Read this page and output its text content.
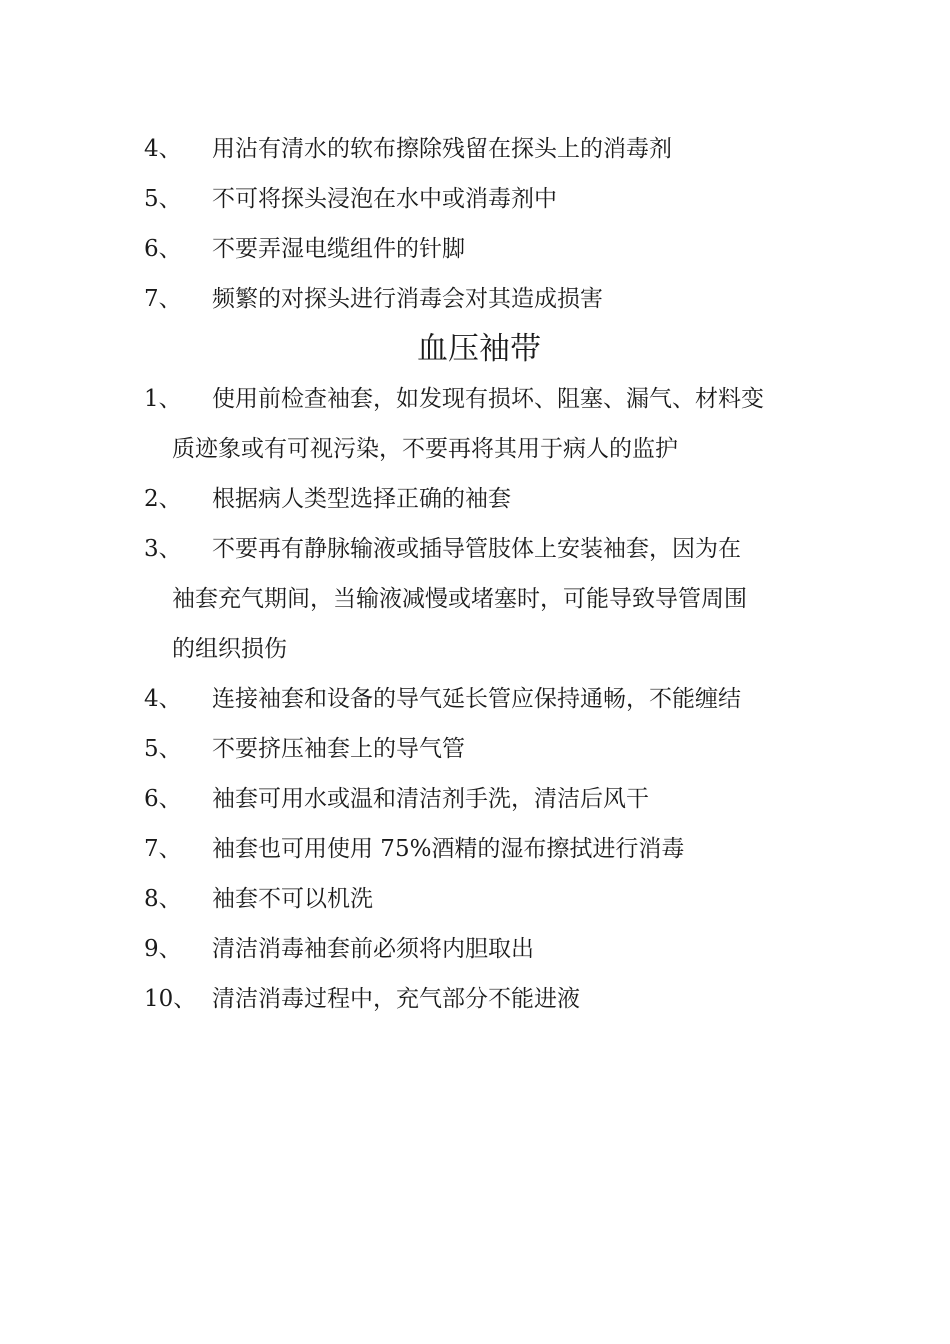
4、	用沾有清水的软布擦除残留在探头上的消毒剂
5、	不可将探头浸泡在水中或消毒剂中
6、	不要弄湿电缆组件的针脚
7、	频繁的对探头进行消毒会对其造成损害
血压袖带
1、	使用前检查袖套，如发现有损坏、阻塞、漏气、材料变
质迹象或有可视污染，不要再将其用于病人的监护
2、	根据病人类型选择正确的袖套
3、	不要再有静脉输液或插导管肢体上安装袖套，因为在
袖套充气期间，当输液减慢或堵塞时，可能导致导管周围
的组织损伤
4、	连接袖套和设备的导气延长管应保持通畅，不能缠结
5、	不要挤压袖套上的导气管
6、	袖套可用水或温和清洁剂手洗，清洁后风干
7、	袖套也可用使用 75%酒精的湿布擦拭进行消毒
8、	袖套不可以机洗
9、	清洁消毒袖套前必须将内胆取出
10、 清洁消毒过程中，充气部分不能进液
